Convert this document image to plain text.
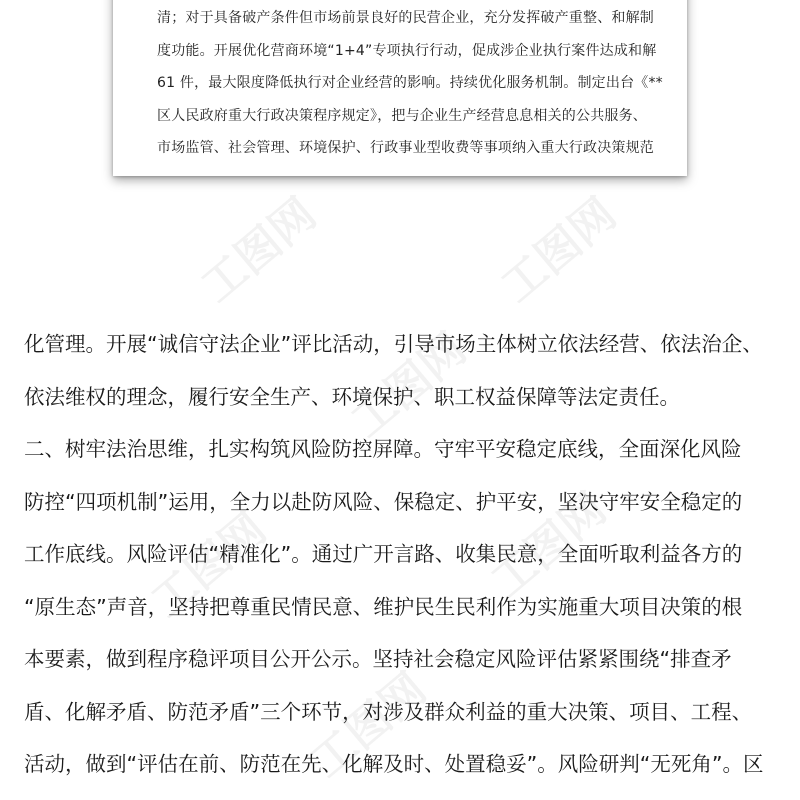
清；对于具备破产条件但市场前景良好的民营企业，充分发挥破产重整、和解制
度功能。开展优化营商环境“1+4”专项执行行动，促成涉企业执行案件达成和解
61 件，最大限度降低执行对企业经营的影响。持续优化服务机制。制定出台《**
区人民政府重大行政决策程序规定》，把与企业生产经营息息相关的公共服务、
市场监管、社会管理、环境保护、行政事业型收费等事项纳入重大行政决策规范
工图网	工图网
工图网
工图网	工图网
工图网
化管理。开展“诚信守法企业”评比活动，引导市场主体树立依法经营、依法治企、
依法维权的理念，履行安全生产、环境保护、职工权益保障等法定责任。
二、树牢法治思维，扎实构筑风险防控屏障。守牢平安稳定底线，全面深化风险
防控“四项机制”运用，全力以赴防风险、保稳定、护平安，坚决守牢安全稳定的
工作底线。风险评估“精准化”。通过广开言路、收集民意，全面听取利益各方的
“原生态”声音，坚持把尊重民情民意、维护民生民利作为实施重大项目决策的根
本要素，做到程序稳评项目公开公示。坚持社会稳定风险评估紧紧围绕“排查矛
盾、化解矛盾、防范矛盾”三个环节，对涉及群众利益的重大决策、项目、工程、
活动，做到“评估在前、防范在先、化解及时、处置稳妥”。风险研判“无死角”。区
